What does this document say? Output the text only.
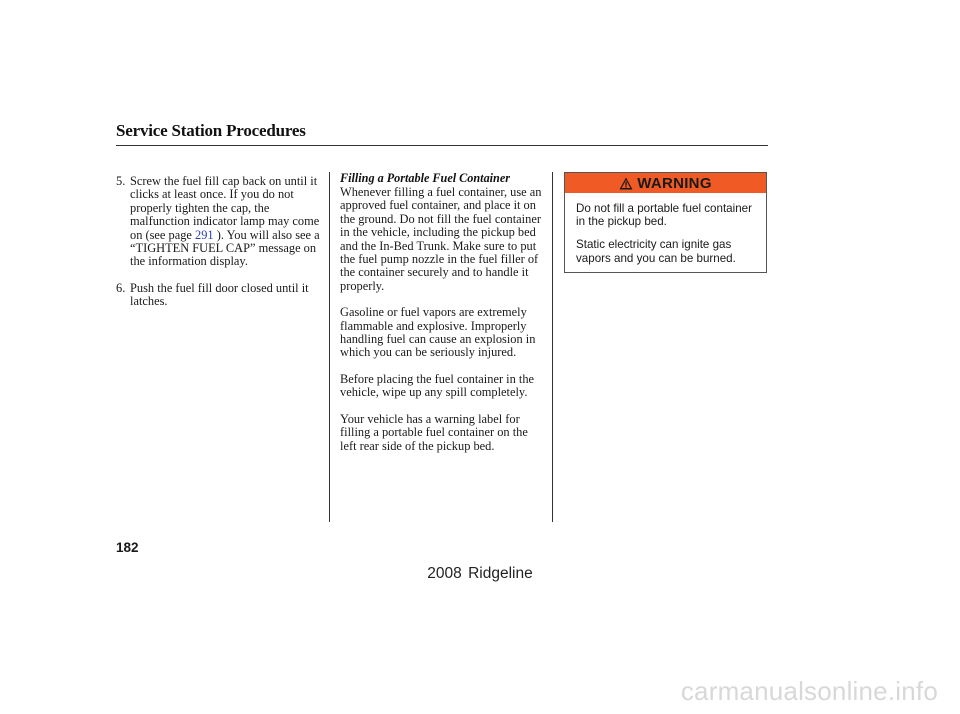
Service Station Procedures
5. Screw the fuel fill cap back on until it clicks at least once. If you do not properly tighten the cap, the malfunction indicator lamp may come on (see page 291 ). You will also see a “TIGHTEN FUEL CAP” message on the information display.
6. Push the fuel fill door closed until it latches.
Filling a Portable Fuel Container

Whenever filling a fuel container, use an approved fuel container, and place it on the ground. Do not fill the fuel container in the vehicle, including the pickup bed and the In-Bed Trunk. Make sure to put the fuel pump nozzle in the fuel filler of the container securely and to handle it properly.

Gasoline or fuel vapors are extremely flammable and explosive. Improperly handling fuel can cause an explosion in which you can be seriously injured.

Before placing the fuel container in the vehicle, wipe up any spill completely.

Your vehicle has a warning label for filling a portable fuel container on the left rear side of the pickup bed.

WARNING

Do not fill a portable fuel container in the pickup bed.

Static electricity can ignite gas vapors and you can be burned.

182
2008 Ridgeline
carmanualsonline.info
